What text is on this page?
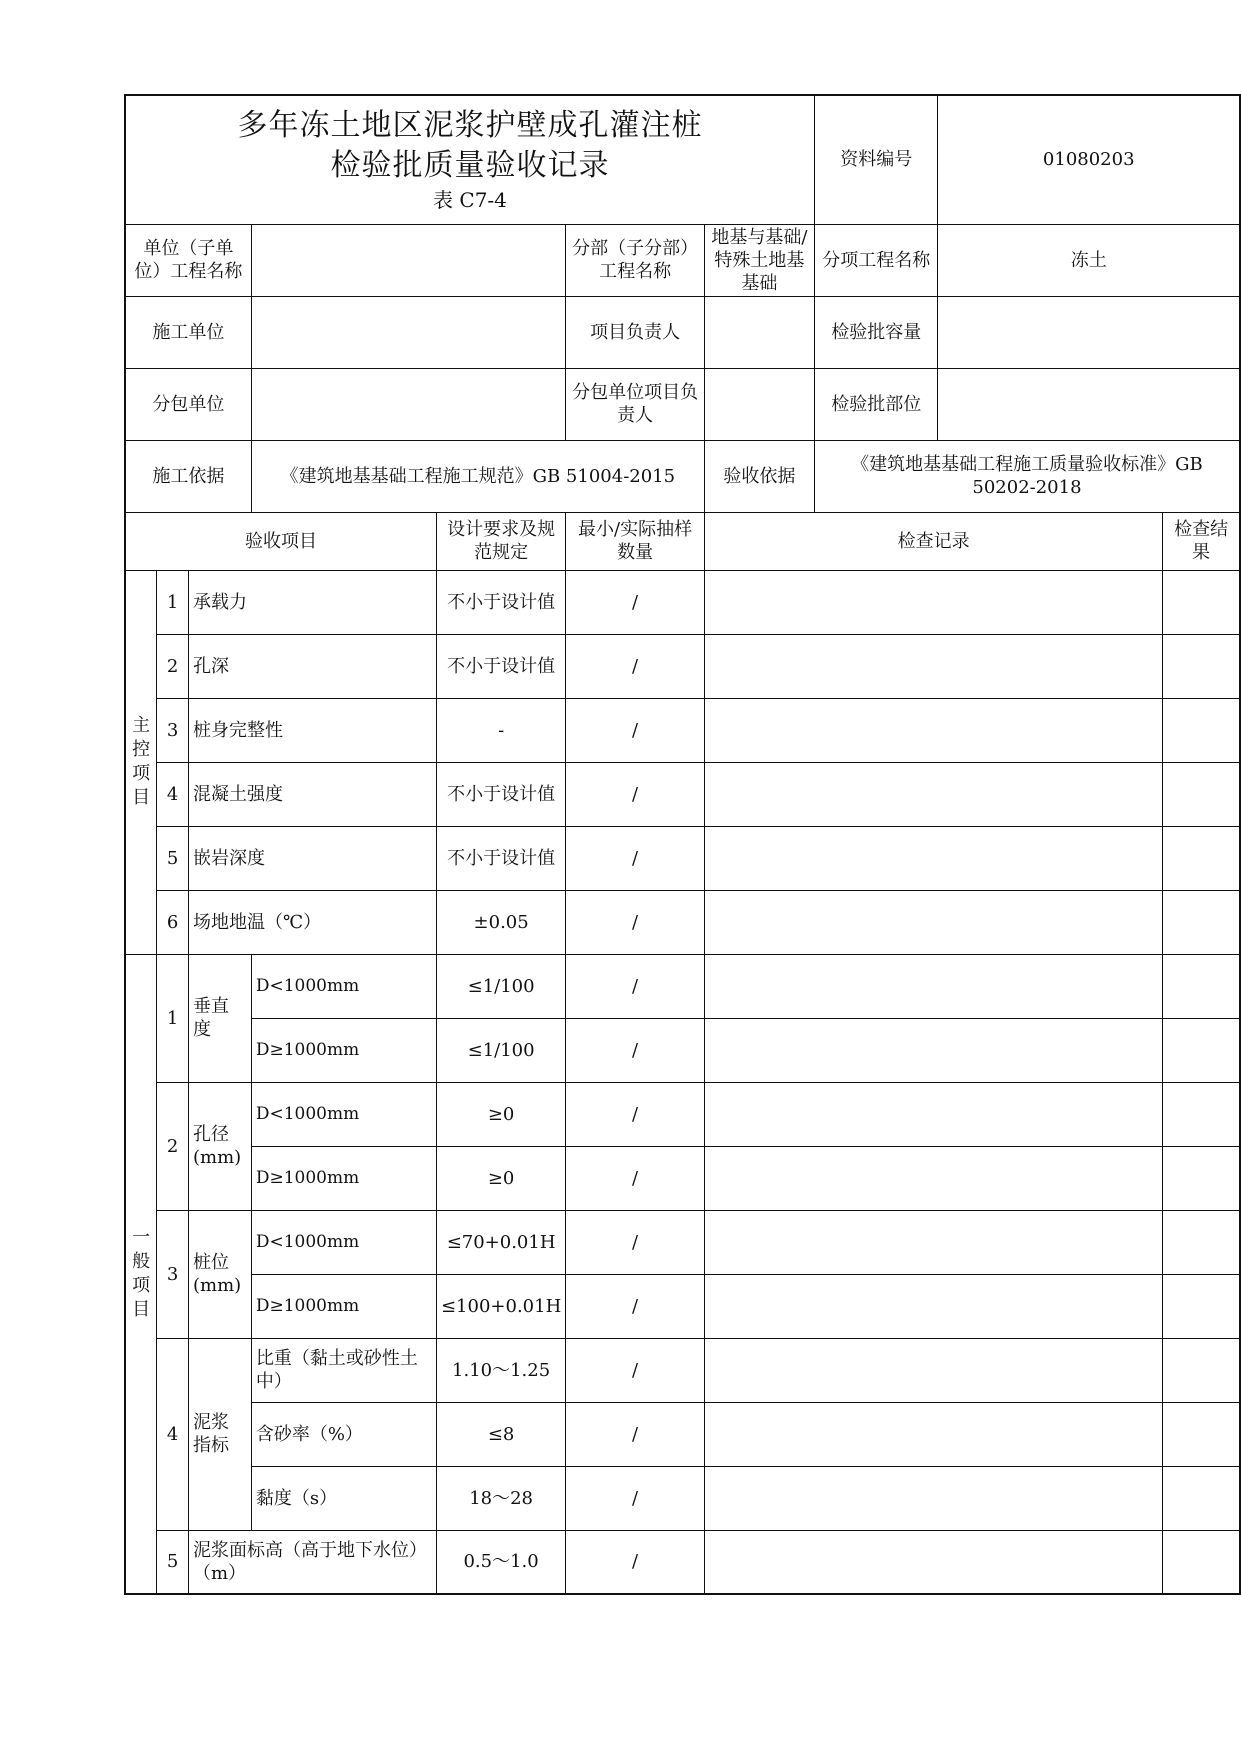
多年冻土地区泥浆护壁成孔灌注桩
检验批质量验收记录
表 C7-4							资料编号	01080203	
单位（子单位）工程名称					分部（子分部）工程名称	地基与基础/特殊土地基基础	分项工程名称	冻土	
施工单位					项目负责人		检验批容量		
分包单位					分包单位项目负责人		检验批部位		
施工依据			《建筑地基基础工程施工规范》GB 51004-2015			验收依据	《建筑地基基础工程施工质量验收标准》GB 50202-2018		
验收项目				设计要求及规范规定	最小/实际抽样数量	检查记录			检查结果

主
控
项
目	1	承载力		不小于设计值	/				
	2	孔深		不小于设计值	/				
	3	桩身完整性		-	/				
	4	混凝土强度		不小于设计值	/				
	5	嵌岩深度		不小于设计值	/				
	6	场地地温（℃）		±0.05	/				

一
般
项
目	1	垂直度	D<1000mm	≤1/100	/				
			D≥1000mm	≤1/100	/				
	2	孔径(mm)	D<1000mm	≥0	/				
			D≥1000mm	≥0	/				
	3	桩位(mm)	D<1000mm	≤70+0.01H	/				
			D≥1000mm	≤100+0.01H	/				
	4	泥浆指标	比重（黏土或砂性土中）	1.10～1.25	/				
			含砂率（%）	≤8	/				
			黏度（s）	18～28	/				
	5	泥浆面标高（高于地下水位）（m）		0.5～1.0	/				
